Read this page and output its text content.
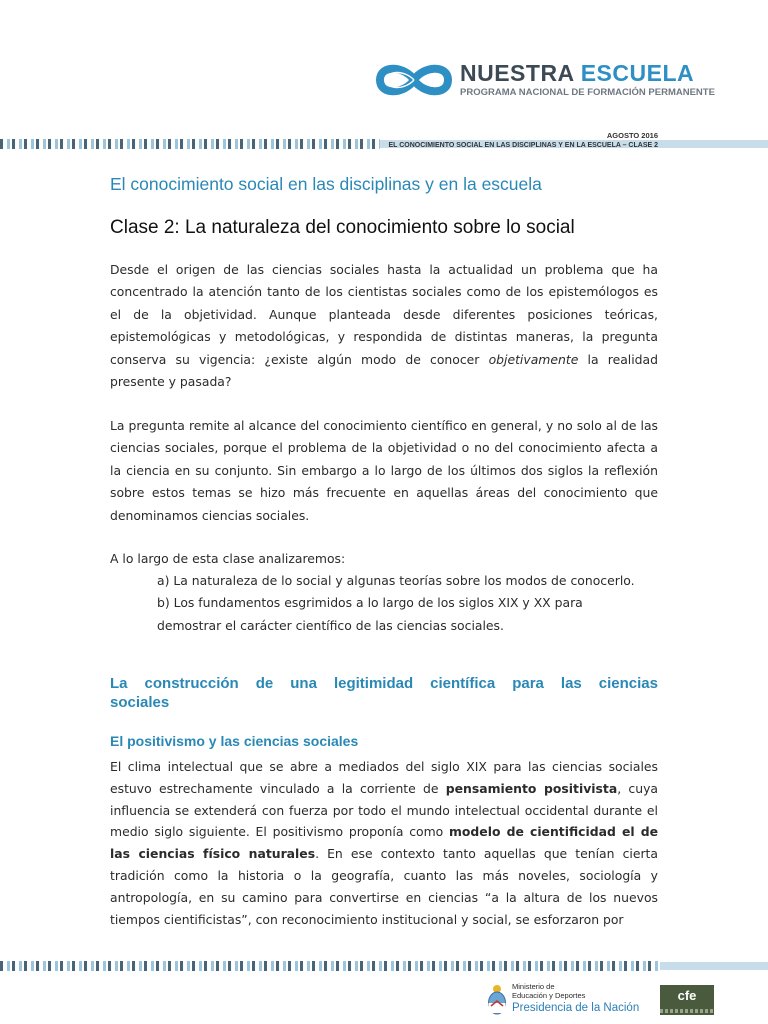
NUESTRA ESCUELA
PROGRAMA NACIONAL DE FORMACIÓN PERMANENTE
AGOSTO 2016
EL CONOCIMIENTO SOCIAL EN LAS DISCIPLINAS Y EN LA ESCUELA – CLASE 2
El conocimiento social en las disciplinas y en la escuela
Clase 2: La naturaleza del conocimiento sobre lo social

Desde el origen de las ciencias sociales hasta la actualidad un problema que ha concentrado la atención tanto de los cientistas sociales como de los epistemólogos es el de la objetividad. Aunque planteada desde diferentes posiciones teóricas, epistemológicas y metodológicas, y respondida de distintas maneras, la pregunta conserva su vigencia: ¿existe algún modo de conocer objetivamente la realidad presente y pasada?

La pregunta remite al alcance del conocimiento científico en general, y no solo al de las ciencias sociales, porque el problema de la objetividad o no del conocimiento afecta a la ciencia en su conjunto. Sin embargo a lo largo de los últimos dos siglos la reflexión sobre estos temas se hizo más frecuente en aquellas áreas del conocimiento que denominamos ciencias sociales.

A lo largo de esta clase analizaremos:

a) La naturaleza de lo social y algunas teorías sobre los modos de conocerlo.
b) Los fundamentos esgrimidos a lo largo de los siglos XIX y XX para
demostrar el carácter científico de las ciencias sociales.
La construcción de una legitimidad científica para las ciencias
sociales
El positivismo y las ciencias sociales

El clima intelectual que se abre a mediados del siglo XIX para las ciencias sociales estuvo estrechamente vinculado a la corriente de pensamiento positivista, cuya influencia se extenderá con fuerza por todo el mundo intelectual occidental durante el medio siglo siguiente. El positivismo proponía como modelo de cientificidad el de las ciencias físico naturales. En ese contexto tanto aquellas que tenían cierta tradición como la historia o la geografía, cuanto las más noveles, sociología y antropología, en su camino para convertirse en ciencias “a la altura de los nuevos tiempos cientificistas”, con reconocimiento institucional y social, se esforzaron por

Ministerio de
Educación y Deportes
Presidencia de la Nación
cfe
